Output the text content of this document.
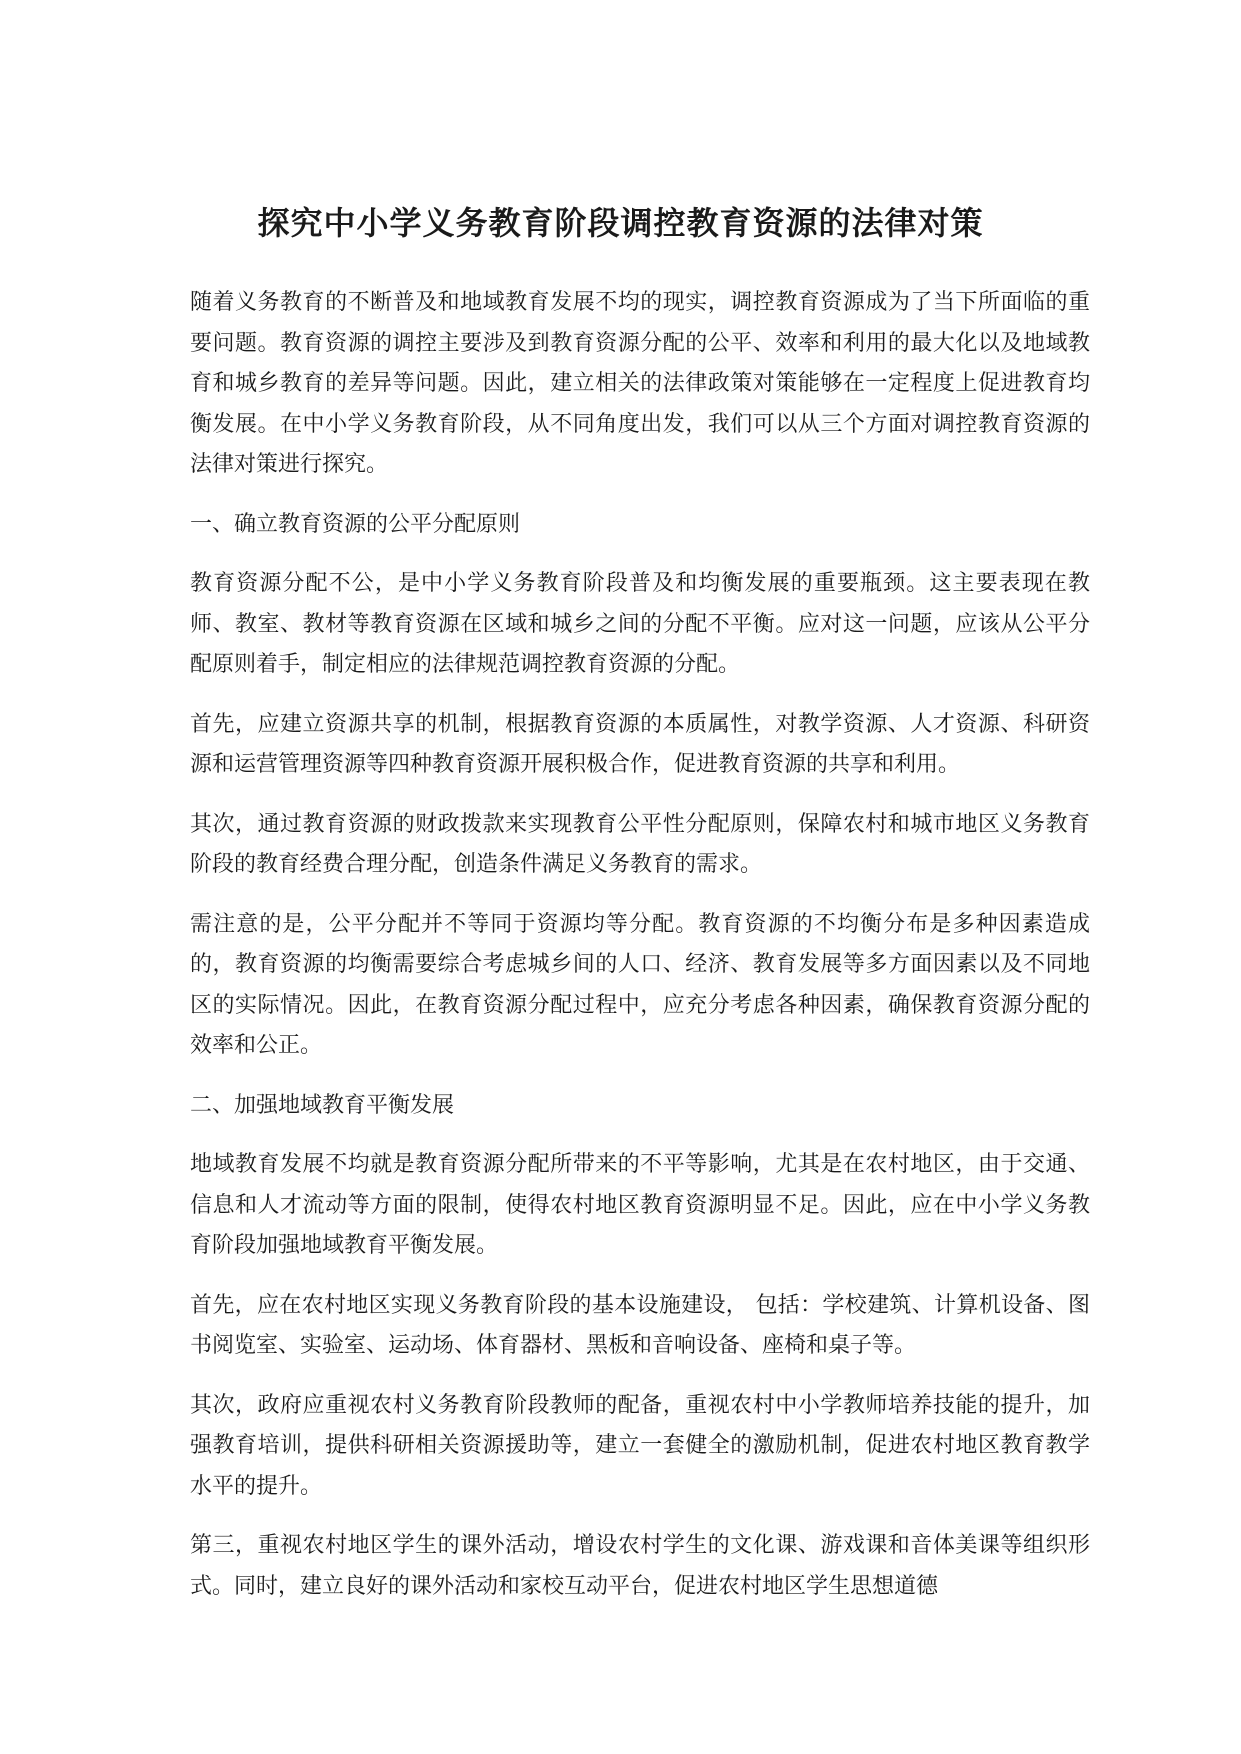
探究中小学义务教育阶段调控教育资源的法律对策

随着义务教育的不断普及和地域教育发展不均的现实，调控教育资源成为了当下所面临的重要问题。教育资源的调控主要涉及到教育资源分配的公平、效率和利用的最大化以及地域教育和城乡教育的差异等问题。因此，建立相关的法律政策对策能够在一定程度上促进教育均衡发展。在中小学义务教育阶段，从不同角度出发，我们可以从三个方面对调控教育资源的法律对策进行探究。

一、确立教育资源的公平分配原则

教育资源分配不公，是中小学义务教育阶段普及和均衡发展的重要瓶颈。这主要表现在教师、教室、教材等教育资源在区域和城乡之间的分配不平衡。应对这一问题，应该从公平分配原则着手，制定相应的法律规范调控教育资源的分配。

首先，应建立资源共享的机制，根据教育资源的本质属性，对教学资源、人才资源、科研资源和运营管理资源等四种教育资源开展积极合作，促进教育资源的共享和利用。

其次，通过教育资源的财政拨款来实现教育公平性分配原则，保障农村和城市地区义务教育阶段的教育经费合理分配，创造条件满足义务教育的需求。

需注意的是，公平分配并不等同于资源均等分配。教育资源的不均衡分布是多种因素造成的，教育资源的均衡需要综合考虑城乡间的人口、经济、教育发展等多方面因素以及不同地区的实际情况。因此，在教育资源分配过程中，应充分考虑各种因素，确保教育资源分配的效率和公正。

二、加强地域教育平衡发展

地域教育发展不均就是教育资源分配所带来的不平等影响，尤其是在农村地区，由于交通、信息和人才流动等方面的限制，使得农村地区教育资源明显不足。因此，应在中小学义务教育阶段加强地域教育平衡发展。

首先，应在农村地区实现义务教育阶段的基本设施建设， 包括：学校建筑、计算机设备、图书阅览室、实验室、运动场、体育器材、黑板和音响设备、座椅和桌子等。

其次，政府应重视农村义务教育阶段教师的配备，重视农村中小学教师培养技能的提升，加强教育培训，提供科研相关资源援助等，建立一套健全的激励机制，促进农村地区教育教学水平的提升。

第三，重视农村地区学生的课外活动，增设农村学生的文化课、游戏课和音体美课等组织形式。同时，建立良好的课外活动和家校互动平台，促进农村地区学生思想道德
